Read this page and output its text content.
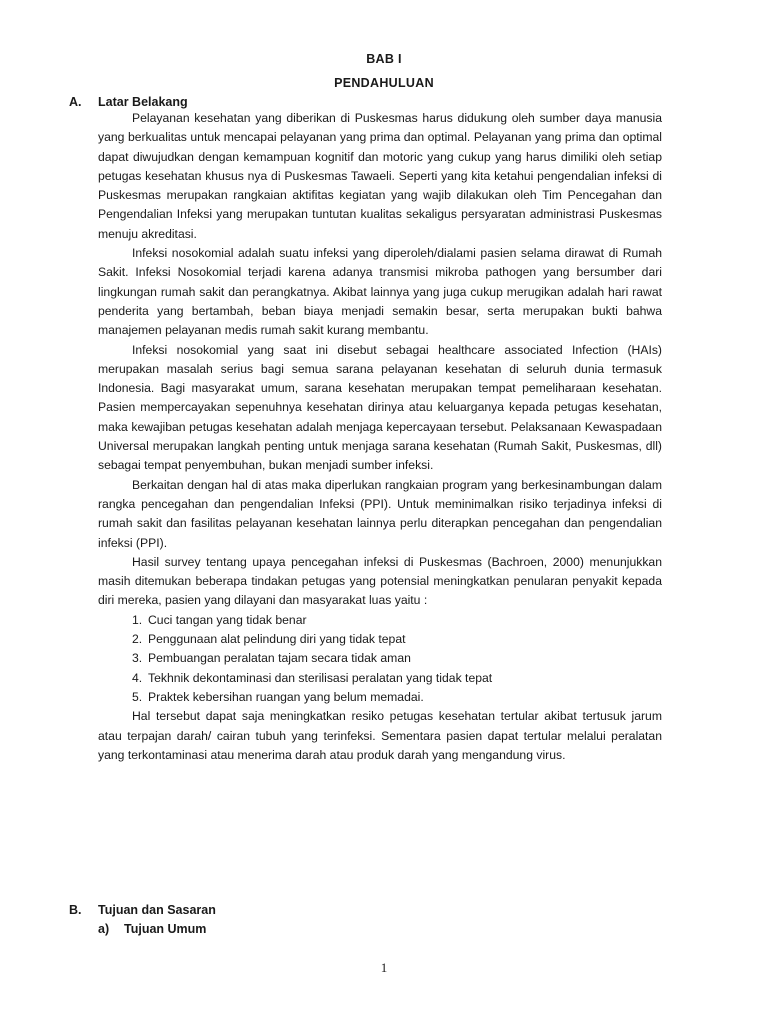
BAB I
PENDAHULUAN
A. Latar Belakang

Pelayanan kesehatan yang diberikan di Puskesmas harus didukung oleh sumber daya manusia yang berkualitas untuk mencapai pelayanan yang prima dan optimal. Pelayanan yang prima dan optimal dapat diwujudkan dengan kemampuan kognitif dan motoric yang cukup yang harus dimiliki oleh setiap petugas kesehatan khusus nya di Puskesmas Tawaeli. Seperti yang kita ketahui pengendalian infeksi di Puskesmas merupakan rangkaian aktifitas kegiatan yang wajib dilakukan oleh Tim Pencegahan dan Pengendalian Infeksi yang merupakan tuntutan kualitas sekaligus persyaratan administrasi Puskesmas menuju akreditasi.

Infeksi nosokomial adalah suatu infeksi yang diperoleh/dialami pasien selama dirawat di Rumah Sakit. Infeksi Nosokomial terjadi karena adanya transmisi mikroba pathogen yang bersumber dari lingkungan rumah sakit dan perangkatnya. Akibat lainnya yang juga cukup merugikan adalah hari rawat penderita yang bertambah, beban biaya menjadi semakin besar, serta merupakan bukti bahwa manajemen pelayanan medis rumah sakit kurang membantu.

Infeksi nosokomial yang saat ini disebut sebagai healthcare associated Infection (HAIs) merupakan masalah serius bagi semua sarana pelayanan kesehatan di seluruh dunia termasuk Indonesia. Bagi masyarakat umum, sarana kesehatan merupakan tempat pemeliharaan kesehatan. Pasien mempercayakan sepenuhnya kesehatan dirinya atau keluarganya kepada petugas kesehatan, maka kewajiban petugas kesehatan adalah menjaga kepercayaan tersebut. Pelaksanaan Kewaspadaan Universal merupakan langkah penting untuk menjaga sarana kesehatan (Rumah Sakit, Puskesmas, dll) sebagai tempat penyembuhan, bukan menjadi sumber infeksi.

Berkaitan dengan hal di atas maka diperlukan rangkaian program yang berkesinambungan dalam rangka pencegahan dan pengendalian Infeksi (PPI). Untuk meminimalkan risiko terjadinya infeksi di rumah sakit dan fasilitas pelayanan kesehatan lainnya perlu diterapkan pencegahan dan pengendalian infeksi (PPI).

Hasil survey tentang upaya pencegahan infeksi di Puskesmas (Bachroen, 2000) menunjukkan masih ditemukan beberapa tindakan petugas yang potensial meningkatkan penularan penyakit kepada diri mereka, pasien yang dilayani dan masyarakat luas yaitu :

1. Cuci tangan yang tidak benar
2. Penggunaan alat pelindung diri yang tidak tepat
3. Pembuangan peralatan tajam secara tidak aman
4. Tekhnik dekontaminasi dan sterilisasi peralatan yang tidak tepat
5. Praktek kebersihan ruangan yang belum memadai.

Hal tersebut dapat saja meningkatkan resiko petugas kesehatan tertular akibat tertusuk jarum atau terpajan darah/ cairan tubuh yang terinfeksi. Sementara pasien dapat tertular melalui peralatan yang terkontaminasi atau menerima darah atau produk darah yang mengandung virus.

B. Tujuan dan Sasaran
a) Tujuan Umum
1
